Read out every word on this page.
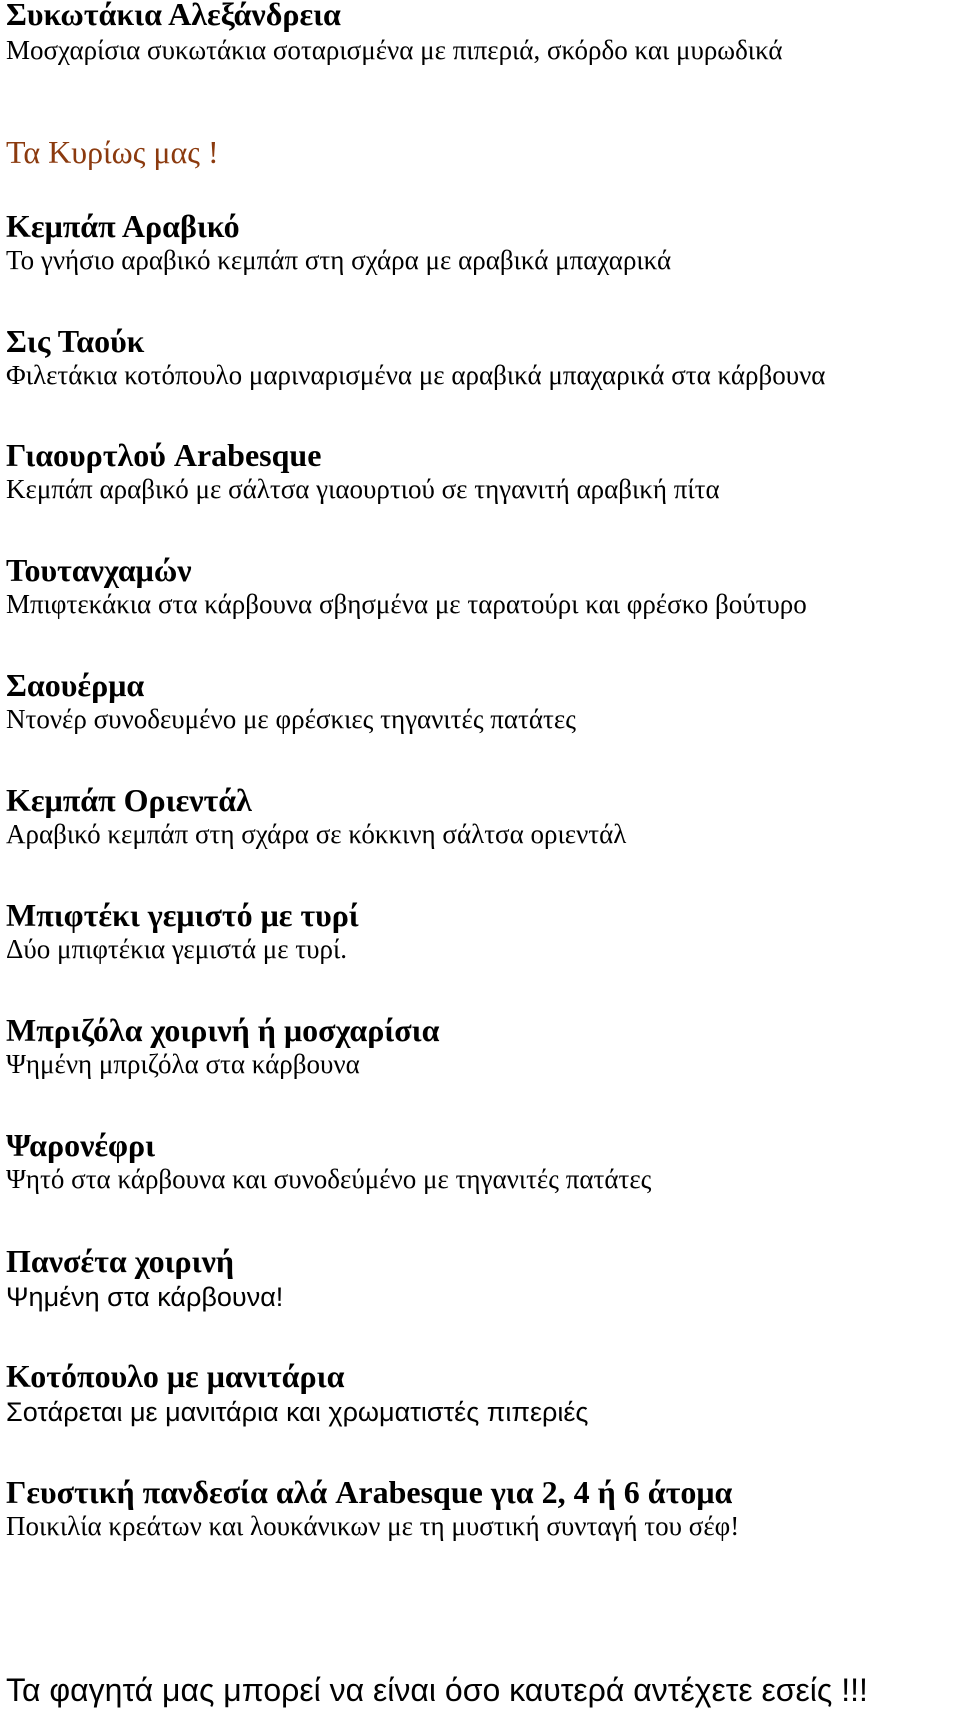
Συκωτάκια Αλεξάνδρεια
Μοσχαρίσια συκωτάκια σοταρισμένα με πιπεριά, σκόρδο και μυρωδικά
Τα Κυρίως μας !
Κεμπάπ Αραβικό
Το γνήσιο αραβικό κεμπάπ στη σχάρα με αραβικά μπαχαρικά
Σις Ταούκ
Φιλετάκια κοτόπουλο μαριναρισμένα με αραβικά μπαχαρικά στα κάρβουνα
Γιαουρτλού Arabesque
Κεμπάπ αραβικό με σάλτσα γιαουρτιού σε τηγανιτή αραβική πίτα
Τουτανχαμών
Μπιφτεκάκια στα κάρβουνα σβησμένα με ταρατούρι και φρέσκο βούτυρο
Σαουέρμα
Ντονέρ συνοδευμένο με φρέσκιες τηγανιτές πατάτες
Κεμπάπ Οριεντάλ
Αραβικό κεμπάπ στη σχάρα σε κόκκινη σάλτσα οριεντάλ
Μπιφτέκι γεμιστό με τυρί
Δύο μπιφτέκια γεμιστά με τυρί.
Μπριζόλα χοιρινή ή μοσχαρίσια
Ψημένη μπριζόλα στα κάρβουνα
Ψαρονέφρι
Ψητό στα κάρβουνα και συνοδεύμένο με τηγανιτές πατάτες
Πανσέτα χοιρινή
Ψημένη στα κάρβουνα!
Κοτόπουλο με μανιτάρια
Σοτάρεται με μανιτάρια και χρωματιστές πιπεριές
Γευστική πανδεσία αλά Arabesque για 2, 4 ή 6 άτομα
Ποικιλία κρεάτων και λουκάνικων με τη μυστική συνταγή του σέφ!
Τα φαγητά μας μπορεί να είναι όσο καυτερά αντέχετε εσείς !!!
